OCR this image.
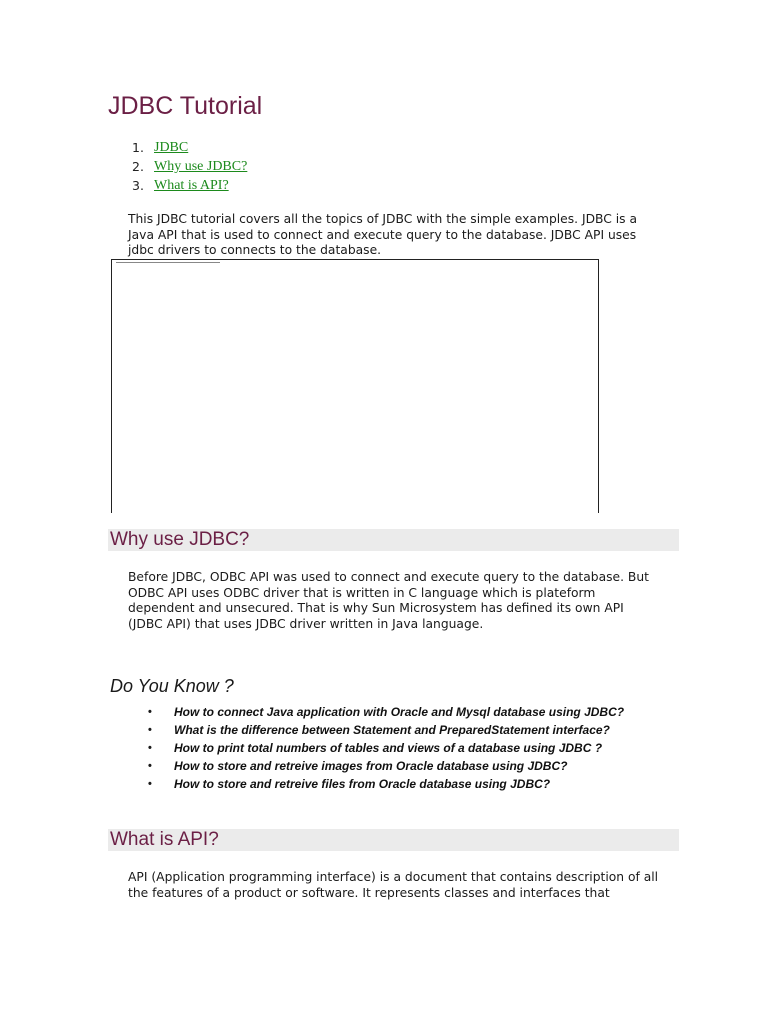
JDBC Tutorial
1. JDBC
2. Why use JDBC?
3. What is API?

This JDBC tutorial covers all the topics of JDBC with the simple examples. JDBC is a
Java API that is used to connect and execute query to the database. JDBC API uses
jdbc drivers to connects to the database.

Why use JDBC?

Before JDBC, ODBC API was used to connect and execute query to the database. But
ODBC API uses ODBC driver that is written in C language which is plateform
dependent and unsecured. That is why Sun Microsystem has defined its own API
(JDBC API) that uses JDBC driver written in Java language.

Do You Know ?
•	How to connect Java application with Oracle and Mysql database using JDBC?
•	What is the difference between Statement and PreparedStatement interface?
•	How to print total numbers of tables and views of a database using JDBC ?
•	How to store and retreive images from Oracle database using JDBC?
•	How to store and retreive files from Oracle database using JDBC?
What is API?

API (Application programming interface) is a document that contains description of all
the features of a product or software. It represents classes and interfaces that
